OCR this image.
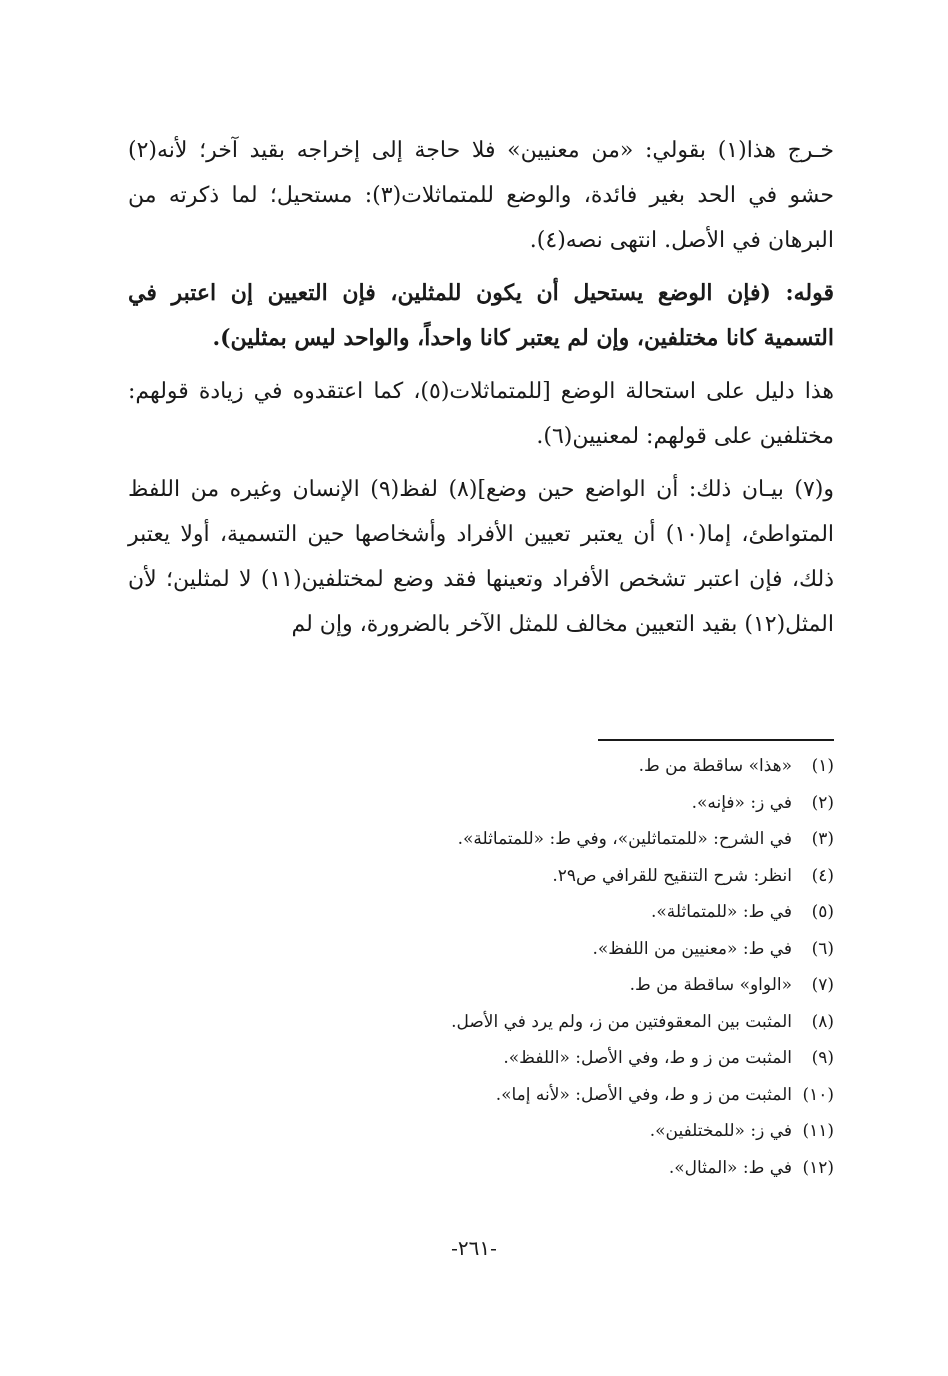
خـرج هذا(١) بقولي: «من معنيين» فلا حاجة إلى إخراجه بقيد آخر؛ لأنه(٢) حشو في الحد بغير فائدة، والوضع للمتماثلات(٣): مستحيل؛ لما ذكرته من البرهان في الأصل. انتهى نصه(٤).

قوله: (فإن الوضع يستحيل أن يكون للمثلين، فإن التعيين إن اعتبر في التسمية كانا مختلفين، وإن لم يعتبر كانا واحداً، والواحد ليس بمثلين).

هذا دليل على استحالة الوضع [للمتماثلات(٥)، كما اعتقدوه في زيادة قولهم: مختلفين على قولهم: لمعنيين(٦).

و(٧) بيـان ذلك: أن الواضع حين وضع](٨) لفظ(٩) الإنسان وغيره من اللفظ المتواطئ، إما(١٠) أن يعتبر تعيين الأفراد وأشخاصها حين التسمية، أولا يعتبر ذلك، فإن اعتبر تشخص الأفراد وتعينها فقد وضع لمختلفين(١١) لا لمثلين؛ لأن المثل(١٢) بقيد التعيين مخالف للمثل الآخر بالضرورة، وإن لم

(١)«هذا» ساقطة من ط.
(٢)في ز: «فإنه».
(٣)في الشرح: «للمتماثلين»، وفي ط: «للمتماثلة».
(٤)انظر: شرح التنقيح للقرافي ص٢٩.
(٥)في ط: «للمتماثلة».
(٦)في ط: «معنيين من اللفظ».
(٧)«الواو» ساقطة من ط.
(٨)المثبت بين المعقوفتين من ز، ولم يرد في الأصل.
(٩)المثبت من ز و ط، وفي الأصل: «اللفظ».
(١٠)المثبت من ز و ط، وفي الأصل: «لأنه إما».
(١١)في ز: «للمختلفين».
(١٢)في ط: «المثال».
-٢٦١-
